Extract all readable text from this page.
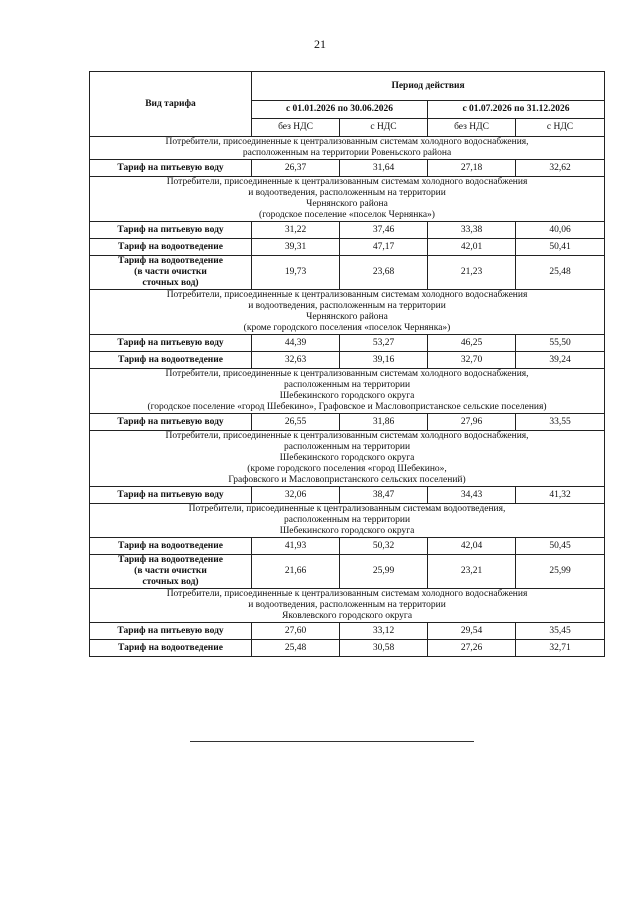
21
Вид тарифа	Период действия			
	с 01.01.2026 по 30.06.2026		с 01.07.2026 по 31.12.2026	
	без НДС	с НДС	без НДС	с НДС

Потребители, присоединенные к централизованным системам холодного водоснабжения,
расположенным на территории Ровеньского района				

Тариф на питьевую воду	26,37	31,64	27,18	32,62

Потребители, присоединенные к централизованным системам холодного водоснабжения
и водоотведения, расположенным на территории
Чернянского района
(городское поселение «поселок Чернянка»)				

Тариф на питьевую воду	31,22	37,46	33,38	40,06

Тариф на водоотведение	39,31	47,17	42,01	50,41

Тариф на водоотведение
(в части очистки
сточных вод)	19,73	23,68	21,23	25,48

Потребители, присоединенные к централизованным системам холодного водоснабжения
и водоотведения, расположенным на территории
Чернянского района
(кроме городского поселения «поселок Чернянка»)				

Тариф на питьевую воду	44,39	53,27	46,25	55,50

Тариф на водоотведение	32,63	39,16	32,70	39,24

Потребители, присоединенные к централизованным системам холодного водоснабжения,
расположенным на территории
Шебекинского городского округа
(городское поселение «город Шебекино», Графовское и Масловопристанское сельские поселения)				

Тариф на питьевую воду	26,55	31,86	27,96	33,55

Потребители, присоединенные к централизованным системам холодного водоснабжения,
расположенным на территории
Шебекинского городского округа
(кроме городского поселения «город Шебекино»,
Графовского и Масловопристанского сельских поселений)				

Тариф на питьевую воду	32,06	38,47	34,43	41,32

Потребители, присоединенные к централизованным системам водоотведения,
расположенным на территории
Шебекинского городского округа				

Тариф на водоотведение	41,93	50,32	42,04	50,45

Тариф на водоотведение
(в части очистки
сточных вод)	21,66	25,99	23,21	25,99

Потребители, присоединенные к централизованным системам холодного водоснабжения
и водоотведения, расположенным на территории
Яковлевского городского округа				

Тариф на питьевую воду	27,60	33,12	29,54	35,45

Тариф на водоотведение	25,48	30,58	27,26	32,71
